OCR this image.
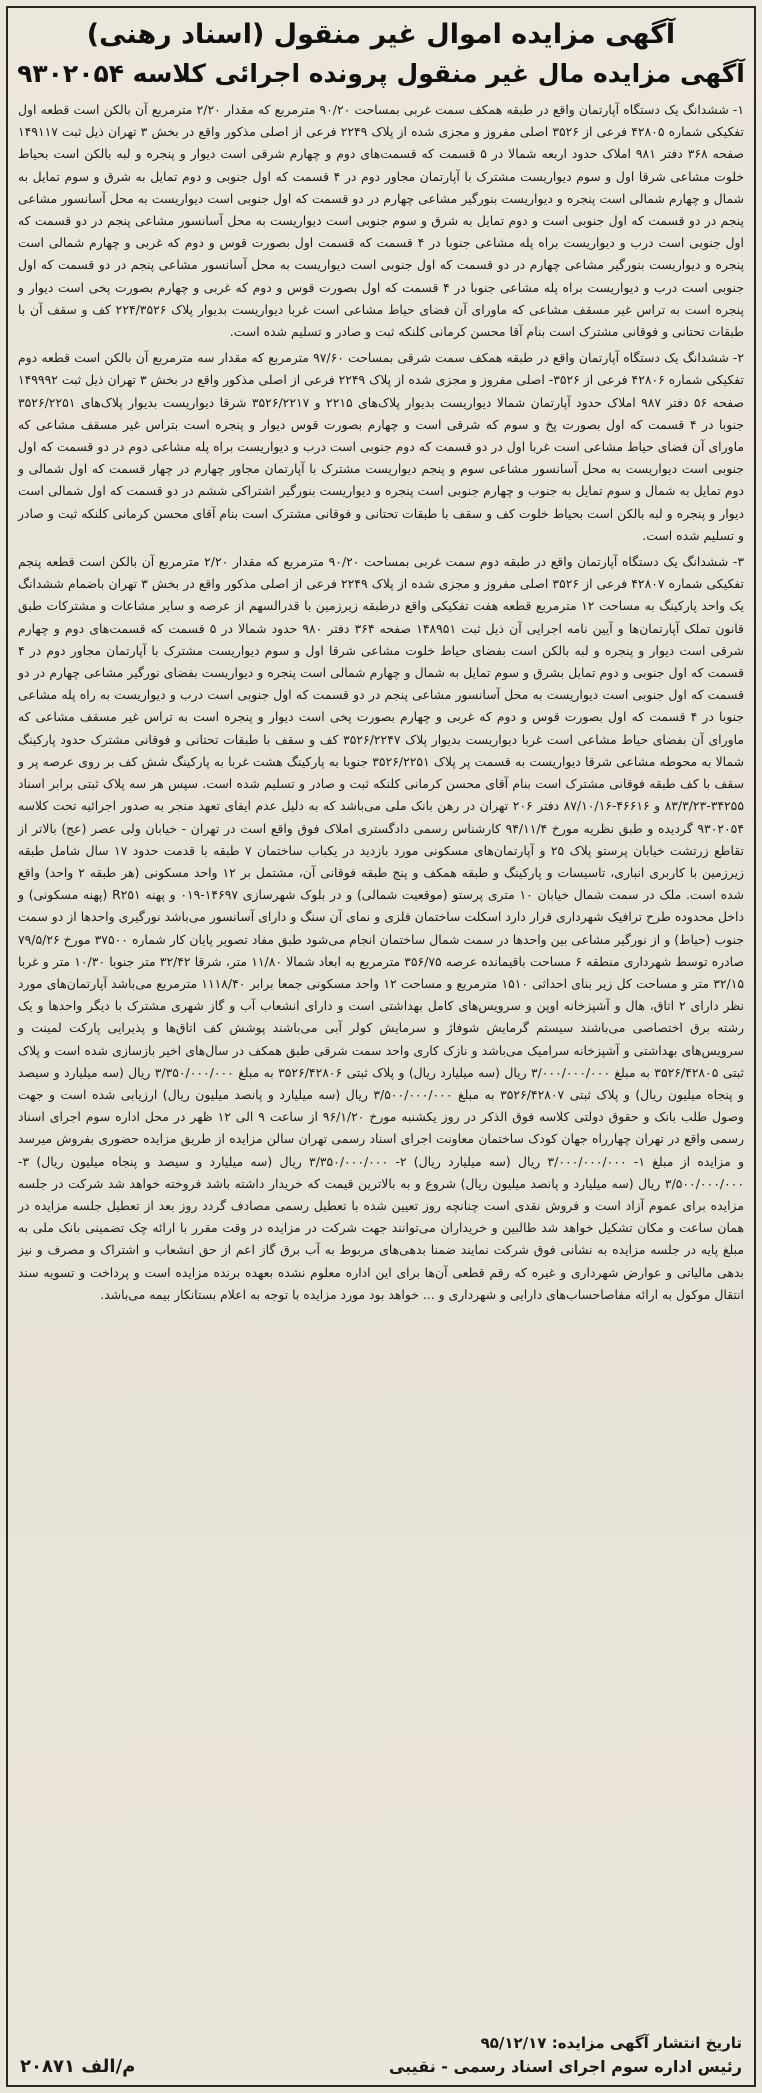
آگهی مزایده اموال غیر منقول (اسناد رهنی)
آگهی مزایده مال غیر منقول پرونده اجرائی کلاسه ۹۳۰۲۰۵۴

۱- ششدانگ یک دستگاه آپارتمان واقع در طبقه همکف سمت غربی بمساحت ۹۰/۲۰ مترمربع که مقدار ۲/۲۰ مترمربع آن بالکن است قطعه اول تفکیکی شماره ۴۲۸۰۵ فرعی از ۳۵۲۶ اصلی مفروز و مجزی شده از پلاک ۲۲۴۹ فرعی از اصلی مذکور واقع در بخش ۳ تهران ذیل ثبت ۱۴۹۱۱۷ صفحه ۳۶۸ دفتر ۹۸۱ املاک حدود اربعه شمالا در ۵ قسمت که قسمت‌های دوم و چهارم شرقی است دیوار و پنجره و لبه بالکن است بحیاط خلوت مشاعی شرقا اول و سوم دیواریست مشترک با آپارتمان مجاور دوم در ۴ قسمت که اول جنوبی و دوم تمایل به شرق و سوم تمایل به شمال و چهارم شمالی است پنجره و دیواریست بنورگیر مشاعی چهارم در دو قسمت که اول جنوبی است دیواریست به محل آسانسور مشاعی پنجم در دو قسمت که اول جنوبی است و دوم تمایل به شرق و سوم جنوبی است دیواریست به محل آسانسور مشاعی پنجم در دو قسمت که اول جنوبی است درب و دیواریست براه پله مشاعی جنوبا در ۴ قسمت که قسمت اول بصورت قوس و دوم که غربی و چهارم شمالی است پنجره و دیواریست بنورگیر مشاعی چهارم در دو قسمت که اول جنوبی است دیواریست به محل آسانسور مشاعی پنجم در دو قسمت که اول جنوبی است درب و دیواریست براه پله مشاعی جنوبا در ۴ قسمت که اول بصورت قوس و دوم که غربی و چهارم بصورت پخی است دیوار و پنجره است به تراس غیر مسقف مشاعی که ماورای آن فضای حیاط مشاعی است غربا دیواریست بدیوار پلاک ۲۲۴/۳۵۲۶ کف و سقف آن با طبقات تحتانی و فوقانی مشترک است بنام آقا محسن کرمانی کلنکه ثبت و صادر و تسلیم شده است.

۲- ششدانگ یک دستگاه آپارتمان واقع در طبقه همکف سمت شرقی بمساحت ۹۷/۶۰ مترمربع که مقدار سه مترمربع آن بالکن است قطعه دوم تفکیکی شماره ۴۲۸۰۶ فرعی از ۳۵۲۶- اصلی مفروز و مجزی شده از پلاک ۲۲۴۹ فرعی از اصلی مذکور واقع در بخش ۳ تهران ذیل ثبت ۱۴۹۹۹۲ صفحه ۵۶ دفتر ۹۸۷ املاک حدود آپارتمان شمالا دیواریست بدیوار پلاک‌های ۲۲۱۵ و ۳۵۲۶/۲۲۱۷ شرقا دیواریست بدیوار پلاک‌های ۳۵۲۶/۲۲۵۱ جنوبا در ۴ قسمت که اول بصورت پخ و سوم که شرقی است و چهارم بصورت قوس دیوار و پنجره است بتراس غیر مسقف مشاعی که ماورای آن فضای حیاط مشاعی است غربا اول در دو قسمت که دوم جنوبی است درب و دیواریست براه پله مشاعی دوم در دو قسمت که اول جنوبی است دیواریست به محل آسانسور مشاعی سوم و پنجم دیواریست مشترک با آپارتمان مجاور چهارم در چهار قسمت که اول شمالی و دوم تمایل به شمال و سوم تمایل به جنوب و چهارم جنوبی است پنجره و دیواریست بنورگیر اشتراکی ششم در دو قسمت که اول شمالی است دیوار و پنجره و لبه بالکن است بحیاط خلوت کف و سقف با طبقات تحتانی و فوقانی مشترک است بنام آقای محسن کرمانی کلنکه ثبت و صادر و تسلیم شده است.

۳- ششدانگ یک دستگاه آپارتمان واقع در طبقه دوم سمت غربی بمساحت ۹۰/۲۰ مترمربع که مقدار ۲/۲۰ مترمربع آن بالکن است قطعه پنجم تفکیکی شماره ۴۲۸۰۷ فرعی از ۳۵۲۶ اصلی مفروز و مجزی شده از پلاک ۲۲۴۹ فرعی از اصلی مذکور واقع در بخش ۳ تهران باضمام ششدانگ یک واحد پارکینگ به مساحت ۱۲ مترمربع قطعه هفت تفکیکی واقع درطبقه زیرزمین با قدرالسهم از عرصه و سایر مشاعات و مشترکات طبق قانون تملک آپارتمان‌ها و آیین نامه اجرایی آن ذیل ثبت ۱۴۸۹۵۱ صفحه ۳۶۴ دفتر ۹۸۰ حدود شمالا در ۵ قسمت که قسمت‌های دوم و چهارم شرقی است دیوار و پنجره و لبه بالکن است بفضای حیاط خلوت مشاعی شرقا اول و سوم دیواریست مشترک با آپارتمان مجاور دوم در ۴ قسمت که اول جنوبی و دوم تمایل بشرق و سوم تمایل به شمال و چهارم شمالی است پنجره و دیواریست بفضای نورگیر مشاعی چهارم در دو قسمت که اول جنوبی است دیواریست به محل آسانسور مشاعی پنجم در دو قسمت که اول جنوبی است درب و دیواریست به راه پله مشاعی جنوبا در ۴ قسمت که اول بصورت قوس و دوم که غربی و چهارم بصورت پخی است دیوار و پنجره است به تراس غیر مسقف مشاعی که ماورای آن بفضای حیاط مشاعی است غربا دیواریست بدیوار پلاک ۳۵۲۶/۲۲۴۷ کف و سقف با طبقات تحتانی و فوقانی مشترک حدود پارکینگ شمالا به محوطه مشاعی شرقا دیواریست به قسمت پر پلاک ۳۵۲۶/۲۲۵۱ جنوبا به پارکینگ هشت غربا به پارکینگ شش کف بر روی عرصه پر و سقف با کف طبقه فوقانی مشترک است بنام آقای محسن کرمانی کلنکه ثبت و صادر و تسلیم شده است. سپس هر سه پلاک ثبتی برابر اسناد ۳۴۲۵۵-۸۳/۳/۲۳ و ۴۶۶۱۶-۸۷/۱۰/۱۶ دفتر ۲۰۶ تهران در رهن بانک ملی می‌باشد که به دلیل عدم ایفای تعهد منجر به صدور اجرائیه تحت کلاسه ۹۳۰۲۰۵۴ گردیده و طبق نظریه مورخ ۹۴/۱۱/۴ کارشناس رسمی دادگستری املاک فوق واقع است در تهران - خیابان ولی عصر (عج) بالاتر از تقاطع زرتشت خیابان پرستو پلاک ۲۵ و آپارتمان‌های مسکونی مورد بازدید در یکباب ساختمان ۷ طبقه با قدمت حدود ۱۷ سال شامل طبقه زیرزمین با کاربری انباری، تاسیسات و پارکینگ و طبقه همکف و پنج طبقه فوقانی آن، مشتمل بر ۱۲ واحد مسکونی (هر طبقه ۲ واحد) واقع شده است. ملک در سمت شمال خیابان ۱۰ متری پرستو (موقعیت شمالی) و در بلوک شهرسازی ۱۴۶۹۷-۰۱۹ و پهنه R۲۵۱ (پهنه مسکونی) و داخل محدوده طرح ترافیک شهرداری قرار دارد اسکلت ساختمان فلزی و نمای آن سنگ و دارای آسانسور می‌باشد نورگیری واحدها از دو سمت جنوب (حیاط) و از نورگیر مشاعی بین واحدها در سمت شمال ساختمان انجام می‌شود طبق مفاد تصویر پایان کار شماره ۳۷۵۰۰ مورخ ۷۹/۵/۲۶ صادره توسط شهرداری منطقه ۶ مساحت باقیمانده عرصه ۳۵۶/۷۵ مترمربع به ابعاد شمالا ۱۱/۸۰ متر، شرقا ۳۲/۴۲ متر جنوبا ۱۰/۳۰ متر و غربا ۳۲/۱۵ متر و مساحت کل زیر بنای احداثی ۱۵۱۰ مترمربع و مساحت ۱۲ واحد مسکونی جمعا برابر ۱۱۱۸/۴۰ مترمربع می‌باشد آپارتمان‌های مورد نظر دارای ۲ اتاق، هال و آشپزخانه اوپن و سرویس‌های کامل بهداشتی است و دارای انشعاب آب و گاز شهری مشترک با دیگر واحدها و یک رشته برق اختصاصی می‌باشند سیستم گرمایش شوفاژ و سرمایش کولر آبی می‌باشند پوشش کف اتاق‌ها و پذیرایی پارکت لمینت و سرویس‌های بهداشتی و آشپزخانه سرامیک می‌باشد و نازک کاری واحد سمت شرقی طبق همکف در سال‌های اخیر بازسازی شده است و پلاک ثبتی ۳۵۲۶/۴۲۸۰۵ به مبلغ ۳/۰۰۰/۰۰۰/۰۰۰ ریال (سه میلیارد ریال) و پلاک ثبتی ۳۵۲۶/۴۲۸۰۶ به مبلغ ۳/۳۵۰/۰۰۰/۰۰۰ ریال (سه میلیارد و سیصد و پنجاه میلیون ریال) و پلاک ثبتی ۳۵۲۶/۴۲۸۰۷ به مبلغ ۳/۵۰۰/۰۰۰/۰۰۰ ریال (سه میلیارد و پانصد میلیون ریال) ارزیابی شده است و جهت وصول طلب بانک و حقوق دولتی کلاسه فوق الذکر در روز یکشنبه مورخ ۹۶/۱/۲۰ از ساعت ۹ الی ۱۲ ظهر در محل اداره سوم اجرای اسناد رسمی واقع در تهران چهارراه جهان کودک ساختمان معاونت اجرای اسناد رسمی تهران سالن مزایده از طریق مزایده حضوری بفروش میرسد و مزایده از مبلغ ۱- ۳/۰۰۰/۰۰۰/۰۰۰ ریال (سه میلیارد ریال) ۲- ۳/۳۵۰/۰۰۰/۰۰۰ ریال (سه میلیارد و سیصد و پنجاه میلیون ریال) ۳- ۳/۵۰۰/۰۰۰/۰۰۰ ریال (سه میلیارد و پانصد میلیون ریال) شروع و به بالاترین قیمت که خریدار داشته باشد فروخته خواهد شد شرکت در جلسه مزایده برای عموم آزاد است و فروش نقدی است چنانچه روز تعیین شده با تعطیل رسمی مصادف گردد روز بعد از تعطیل جلسه مزایده در همان ساعت و مکان تشکیل خواهد شد طالبین و خریداران می‌توانند جهت شرکت در مزایده در وقت مقرر با ارائه چک تضمینی بانک ملی به مبلغ پایه در جلسه مزایده به نشانی فوق شرکت نمایند ضمنا بدهی‌های مربوط به آب برق گاز اعم از حق انشعاب و اشتراک و مصرف و نیز بدهی مالیاتی و عوارض شهرداری و غیره که رقم قطعی آن‌ها برای این اداره معلوم نشده بعهده برنده مزایده است و پرداخت و تسویه سند انتقال موکول به ارائه مفاصاحساب‌های دارایی و شهرداری و ... خواهد بود مورد مزایده با توجه به اعلام بستانکار بیمه می‌باشد.

تاریخ انتشار آگهی مزایده: ۹۵/۱۲/۱۷
رئیس اداره سوم اجرای اسناد رسمی - نقیبی
م/الف ۲۰۸۷۱
